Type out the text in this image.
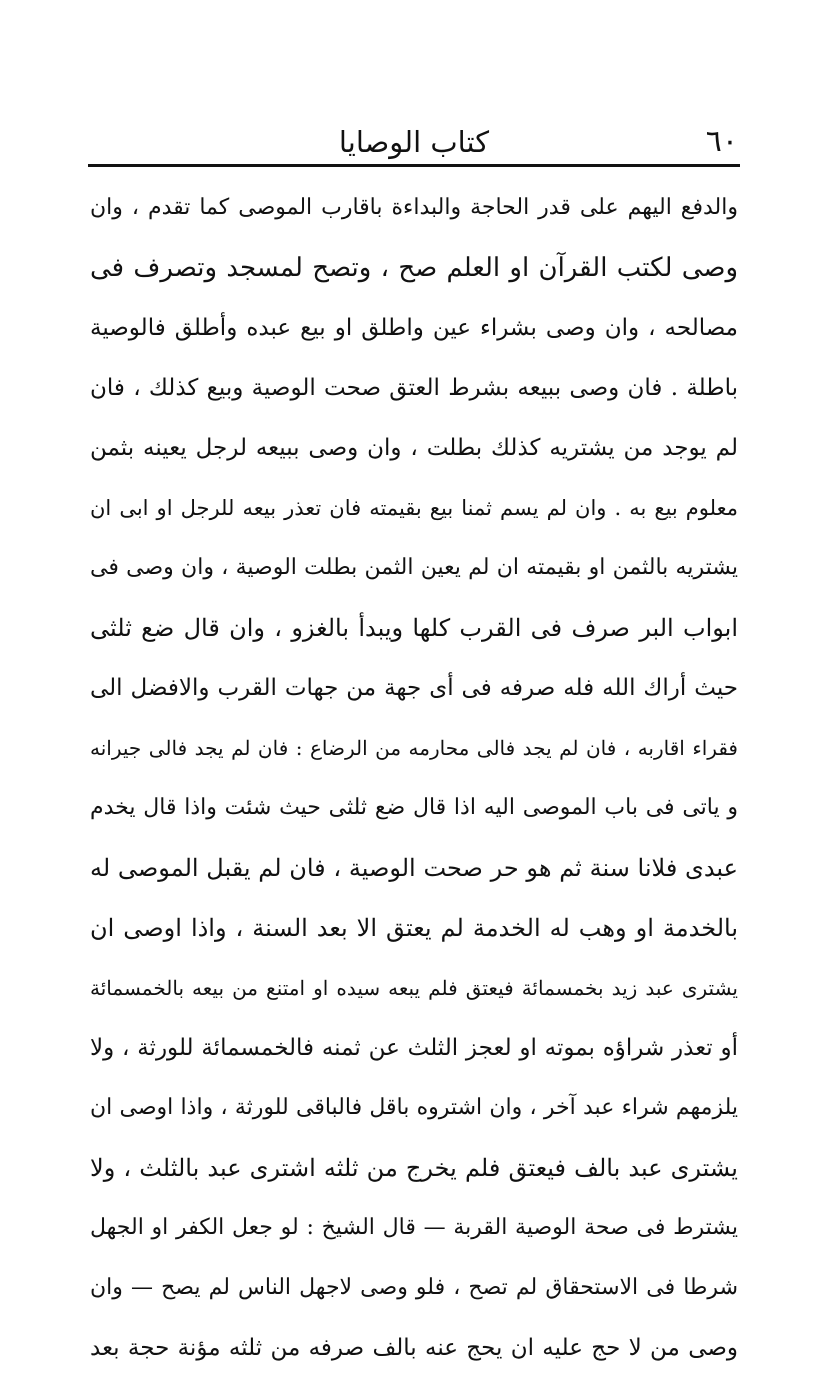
٦٠
كتاب الوصايا
والدفع اليهم على قدر الحاجة والبداءة باقارب الموصى كما تقدم ، وان
وصى لكتب القرآن او العلم صح ، وتصح لمسجد وتصرف فى
مصالحه ، وان وصى بشراء عين واطلق او بيع عبده وأطلق فالوصية
باطلة . فان وصى ببيعه بشرط العتق صحت الوصية وبيع كذلك ، فان
لم يوجد من يشتريه كذلك بطلت ، وان وصى ببيعه لرجل يعينه بثمن
معلوم بيع به . وان لم يسم ثمنا بيع بقيمته فان تعذر بيعه للرجل او ابى ان
يشتريه بالثمن او بقيمته ان لم يعين الثمن بطلت الوصية ، وان وصى فى
ابواب البر صرف فى القرب كلها ويبدأ بالغزو ، وان قال ضع ثلثى
حيث أراك الله فله صرفه فى أى جهة من جهات القرب والافضل الى
فقراء اقاربه ، فان لم يجد فالى محارمه من الرضاع : فان لم يجد فالى جيرانه
و ياتى فى باب الموصى اليه اذا قال ضع ثلثى حيث شئت واذا قال يخدم
عبدى فلانا سنة ثم هو حر صحت الوصية ، فان لم يقبل الموصى له
بالخدمة او وهب له الخدمة لم يعتق الا بعد السنة ، واذا اوصى ان
يشترى عبد زيد بخمسمائة فيعتق فلم يبعه سيده او امتنع من بيعه بالخمسمائة
أو تعذر شراؤه بموته او لعجز الثلث عن ثمنه فالخمسمائة للورثة ، ولا
يلزمهم شراء عبد آخر ، وان اشتروه باقل فالباقى للورثة ، واذا اوصى ان
يشترى عبد بالف فيعتق فلم يخرج من ثلثه اشترى عبد بالثلث ، ولا
يشترط فى صحة الوصية القربة — قال الشيخ : لو جعل الكفر او الجهل
شرطا فى الاستحقاق لم تصح ، فلو وصى لاجهل الناس لم يصح — وان
وصى من لا حج عليه ان يحج عنه بالف صرفه من ثلثه مؤنة حجة بعد
